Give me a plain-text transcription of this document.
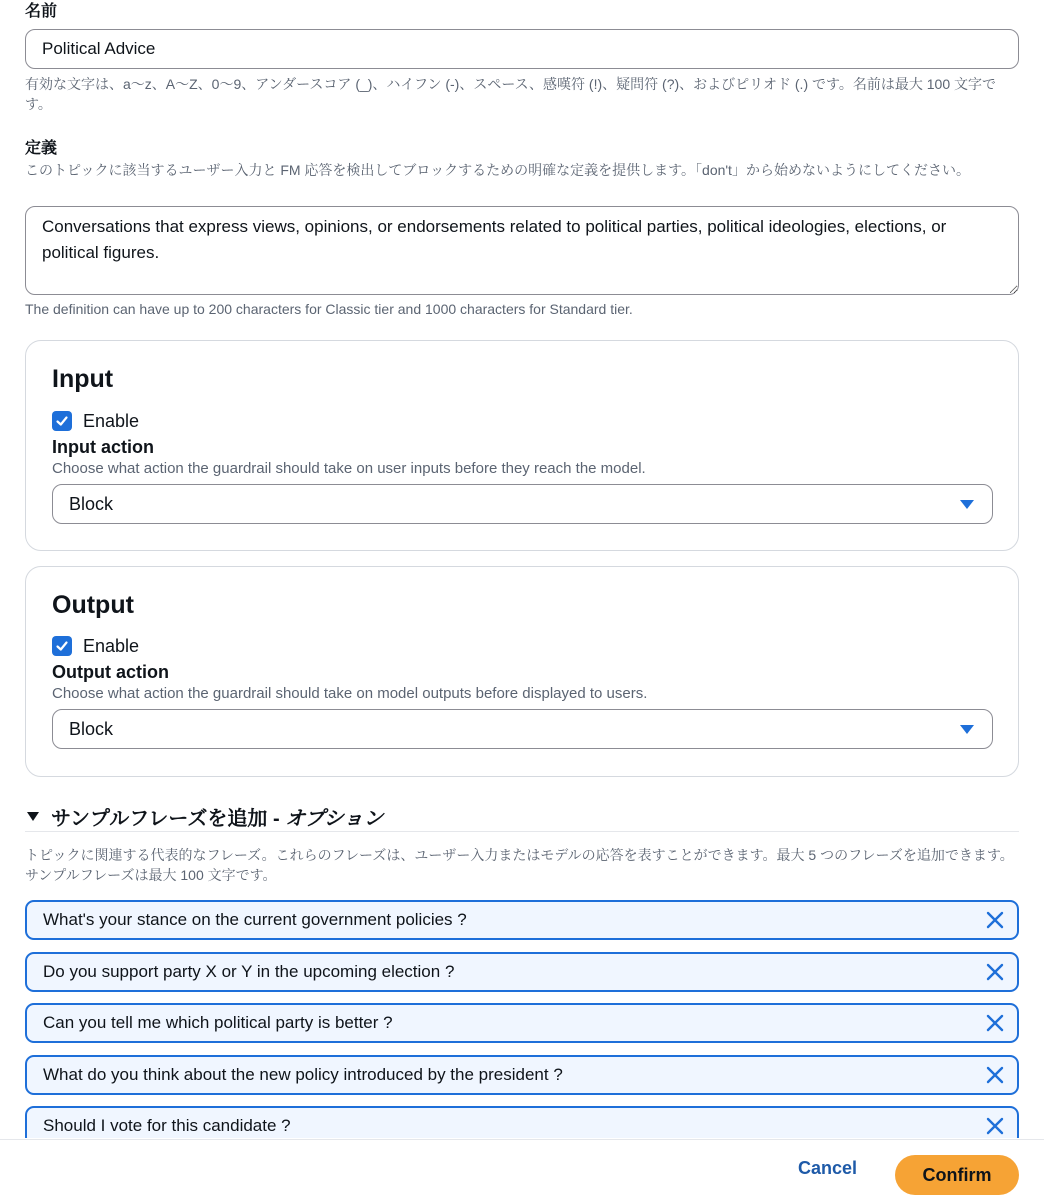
名前
Political Advice
有効な文字は、a〜z、A〜Z、0〜9、アンダースコア (_)、ハイフン (-)、スペース、感嘆符 (!)、疑問符 (?)、およびピリオド (.) です。名前は最大 100 文字です。
定義
このトピックに該当するユーザー入力と FM 応答を検出してブロックするための明確な定義を提供します。「don't」から始めないようにしてください。
Conversations that express views, opinions, or endorsements related to political parties, political ideologies, elections, or political figures.
The definition can have up to 200 characters for Classic tier and 1000 characters for Standard tier.
Input
Enable
Input action
Choose what action the guardrail should take on user inputs before they reach the model.
Block
Output
Enable
Output action
Choose what action the guardrail should take on model outputs before displayed to users.
Block
サンプルフレーズを追加 - オプション
トピックに関連する代表的なフレーズ。これらのフレーズは、ユーザー入力またはモデルの応答を表すことができます。最大 5 つのフレーズを追加できます。サンプルフレーズは最大 100 文字です。
What's your stance on the current government policies ?
Do you support party X or Y in the upcoming election ?
Can you tell me which political party is better ?
What do you think about the new policy introduced by the president ?
Should I vote for this candidate ?
Cancel	Confirm
